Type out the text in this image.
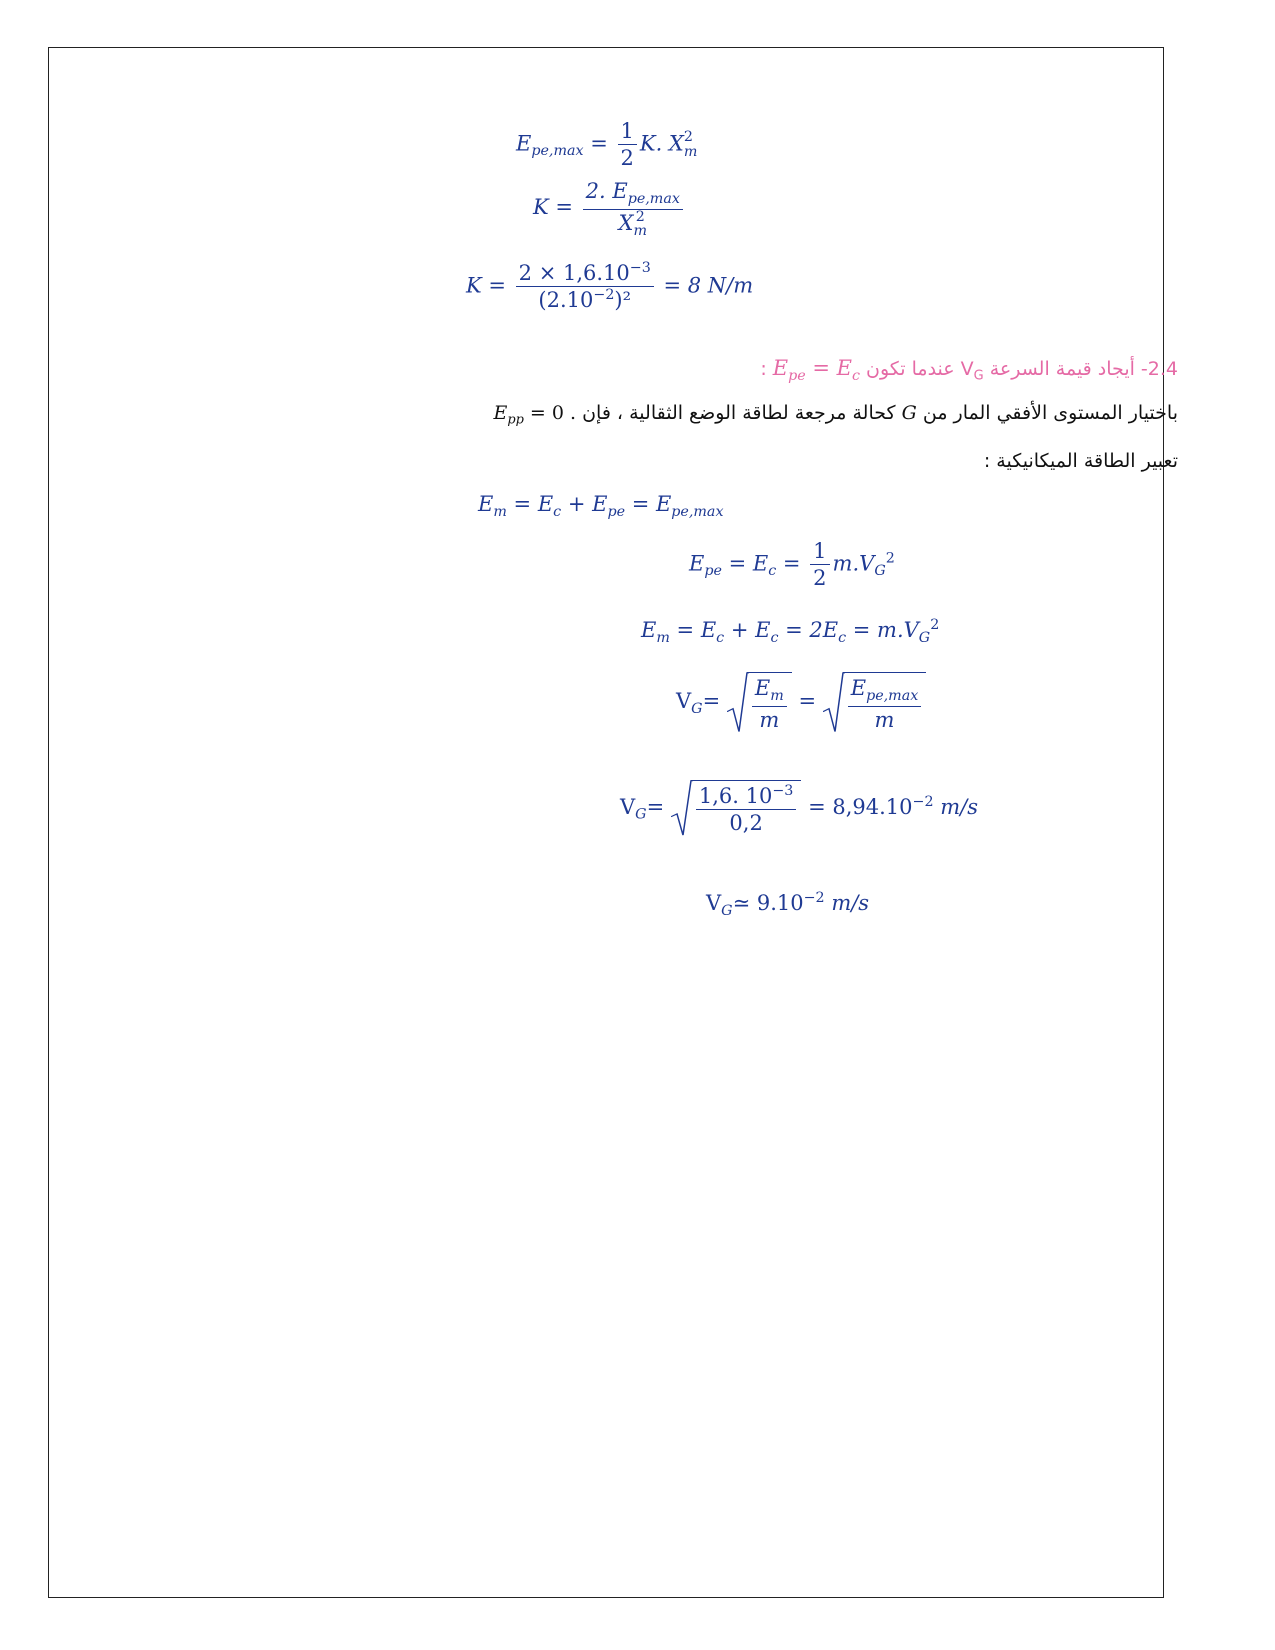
$E_{pe,max} = \frac{1}{2} K$. X 2
m
K = 2. $E_{pe,max}$
X 2
m
$K = \frac{2 \times 1,6.10^{-3}}{(2.10^{-2})^2} = 8$ N/m
2.4- أيجاد قيمة السرعة $V_G$ عندما تكون $E_{pe} = E_c$ :
باختيار المستوى الأفقي المار من G كحالة مرجعة لطاقة الوضع الثقالية ، فإن $E_{pp} = 0$ .
تعبير الطاقة الميكانيكية :
$E_m = E_c + E_{pe} = E_{pe,max}$
$E_{pe} = E_c = \frac{1}{2} m.V_G^2$
$E_m = E_c + E_c = 2E_c = m.V_G^2$
$V_G= \frac{E_m}{m} = \frac{E_{pe,max}}{m}$
$V_G= \frac{1,6. 10^{-3}}{0,2} = 8,94.10^{-2}$ m/s
$V_G≃$ $9.10^{-2}$ m/s
